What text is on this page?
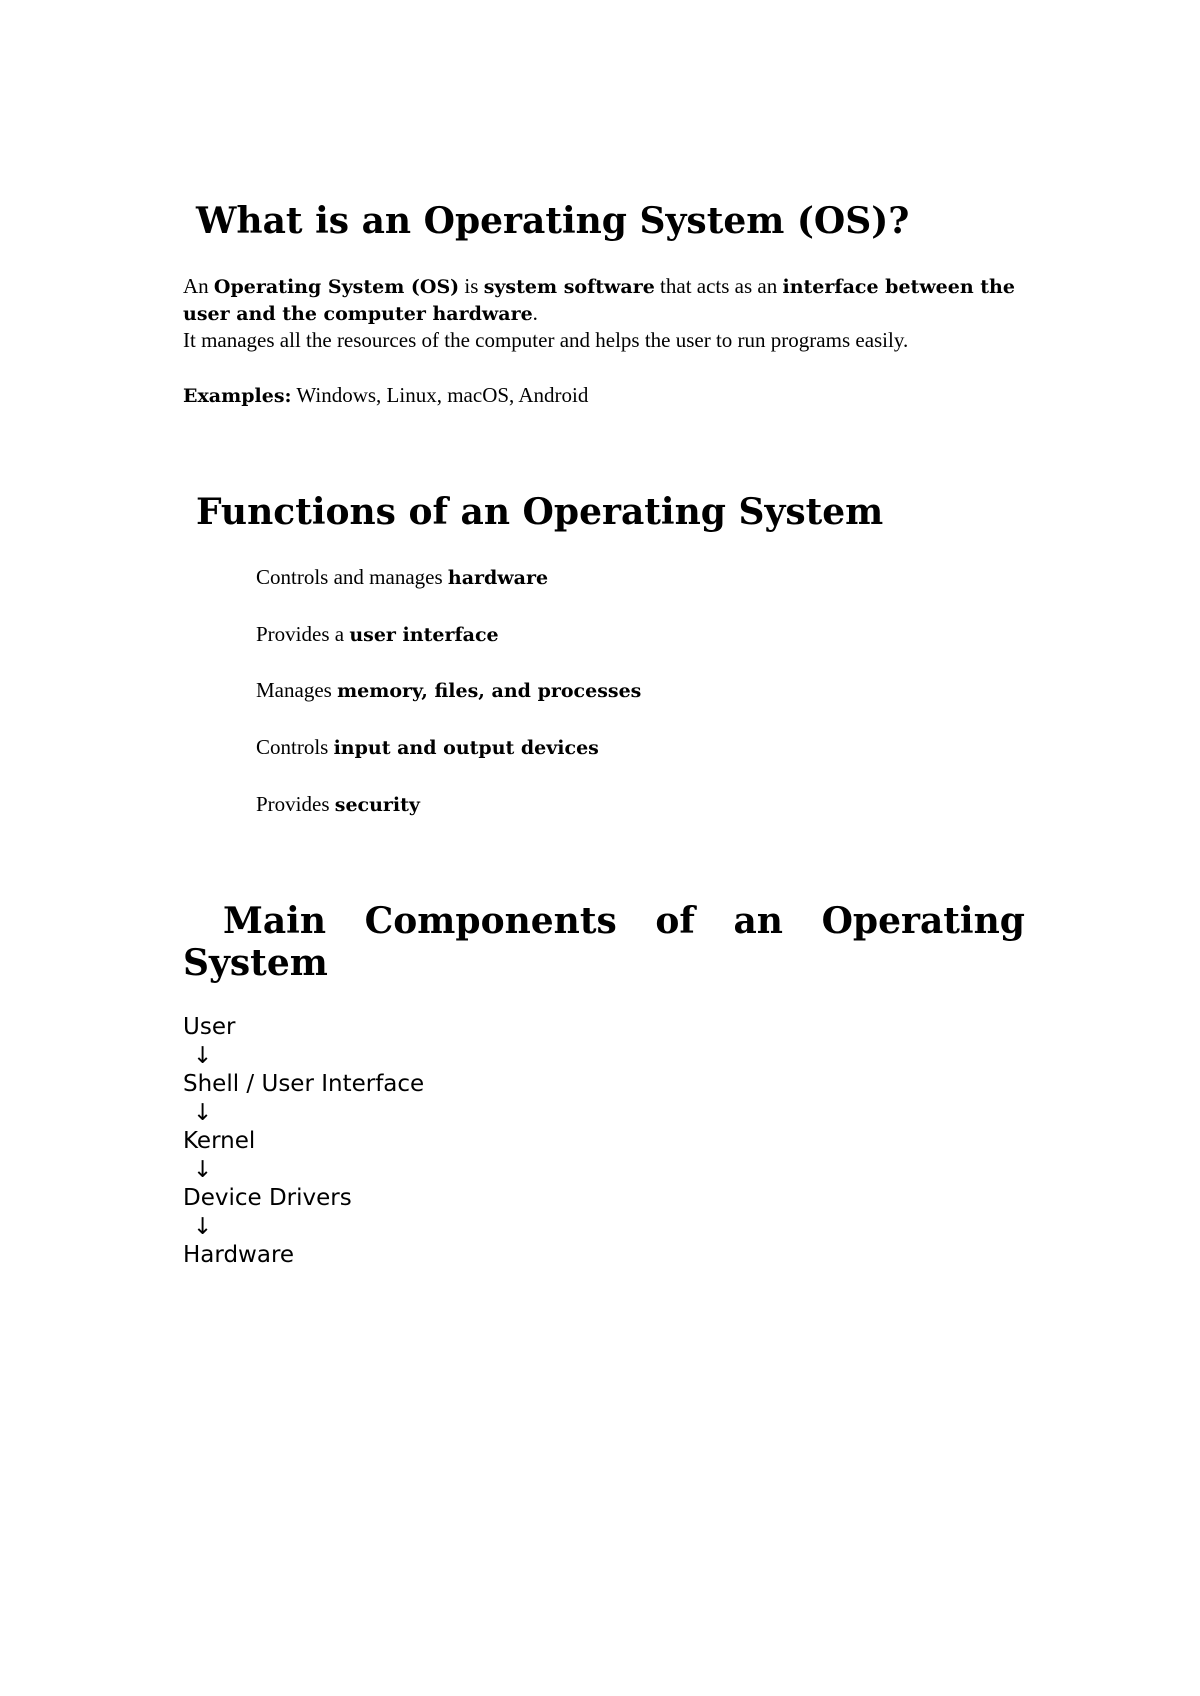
What is an Operating System (OS)?
An Operating System (OS) is system software that acts as an interface between the
user and the computer hardware.
It manages all the resources of the computer and helps the user to run programs easily.
Examples: Windows, Linux, macOS, Android
Functions of an Operating System
Controls and manages hardware
Provides a user interface
Manages memory, files, and processes
Controls input and output devices
Provides security
Main Components of an Operating
System
User
↓
Shell / User Interface
↓
Kernel
↓
Device Drivers
↓
Hardware
